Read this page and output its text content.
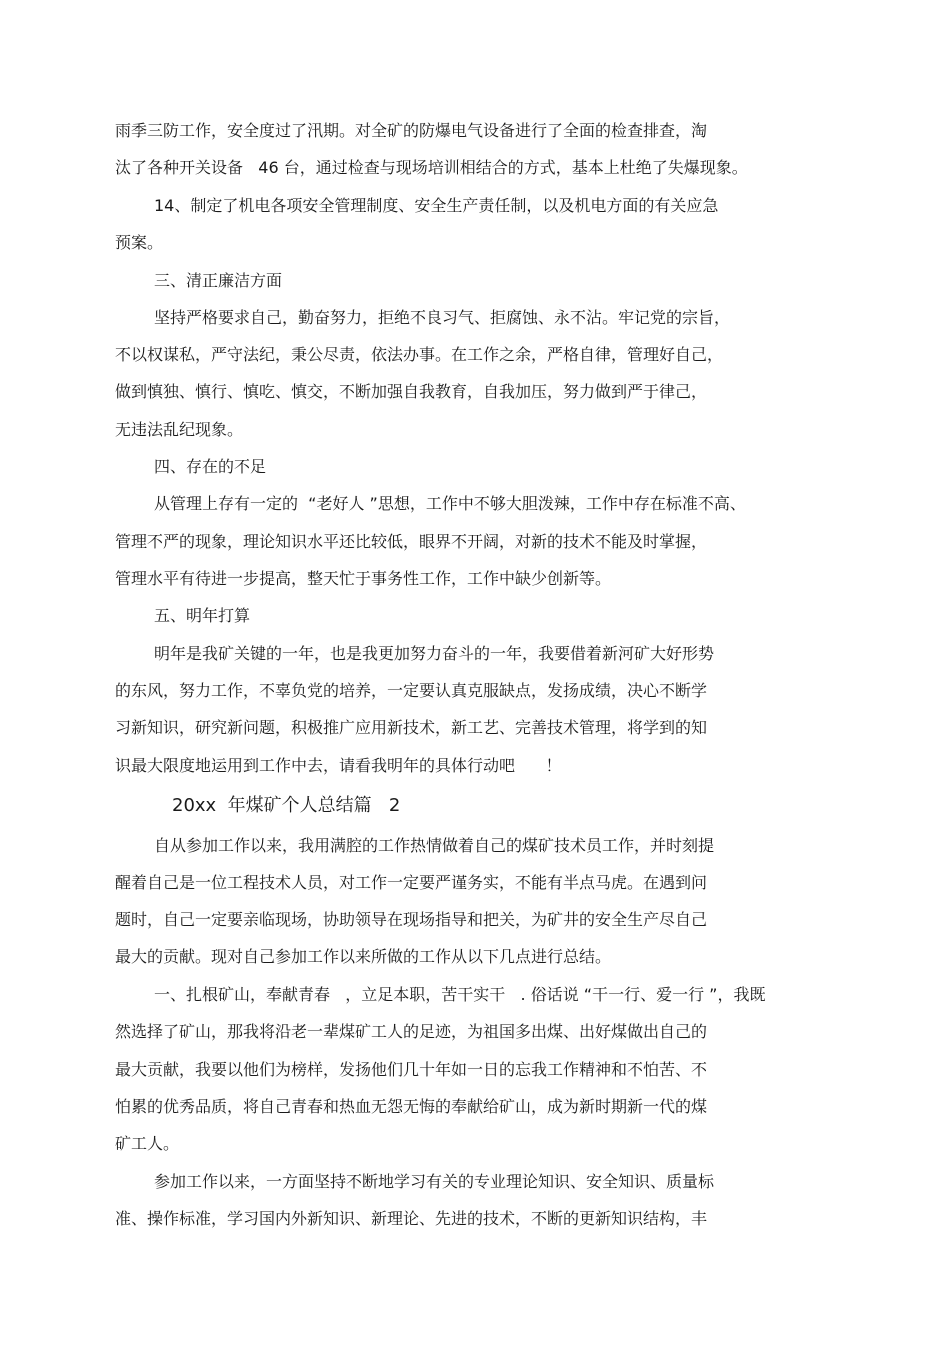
雨季三防工作，安全度过了汛期。对全矿的防爆电气设备进行了全面的检查排查，淘
汰了各种开关设备   46 台，通过检查与现场培训相结合的方式，基本上杜绝了失爆现象。
14、制定了机电各项安全管理制度、安全生产责任制，以及机电方面的有关应急
预案。
三、清正廉洁方面
坚持严格要求自己，勤奋努力，拒绝不良习气、拒腐蚀、永不沾。牢记党的宗旨，
不以权谋私，严守法纪，秉公尽责，依法办事。在工作之余，严格自律，管理好自己，
做到慎独、慎行、慎吃、慎交，不断加强自我教育，自我加压，努力做到严于律己，
无违法乱纪现象。
四、存在的不足
从管理上存有一定的  “老好人 ”思想，工作中不够大胆泼辣，工作中存在标准不高、
管理不严的现象，理论知识水平还比较低，眼界不开阔，对新的技术不能及时掌握，
管理水平有待进一步提高，整天忙于事务性工作，工作中缺少创新等。
五、明年打算
明年是我矿关键的一年，也是我更加努力奋斗的一年，我要借着新河矿大好形势
的东风，努力工作，不辜负党的培养，一定要认真克服缺点，发扬成绩，决心不断学
习新知识，研究新问题，积极推广应用新技术，新工艺、完善技术管理，将学到的知
识最大限度地运用到工作中去，请看我明年的具体行动吧      ！
20xx  年煤矿个人总结篇   2
自从参加工作以来，我用满腔的工作热情做着自己的煤矿技术员工作，并时刻提
醒着自己是一位工程技术人员，对工作一定要严谨务实，不能有半点马虎。在遇到问
题时，自己一定要亲临现场，协助领导在现场指导和把关，为矿井的安全生产尽自己
最大的贡献。现对自己参加工作以来所做的工作从以下几点进行总结。
一、扎根矿山，奉献青春   ，立足本职，苦干实干   . 俗话说 “干一行、爱一行 ”，我既
然选择了矿山，那我将沿老一辈煤矿工人的足迹，为祖国多出煤、出好煤做出自己的
最大贡献，我要以他们为榜样，发扬他们几十年如一日的忘我工作精神和不怕苦、不
怕累的优秀品质，将自己青春和热血无怨无悔的奉献给矿山，成为新时期新一代的煤
矿工人。
参加工作以来，一方面坚持不断地学习有关的专业理论知识、安全知识、质量标
准、操作标准，学习国内外新知识、新理论、先进的技术，不断的更新知识结构，丰
